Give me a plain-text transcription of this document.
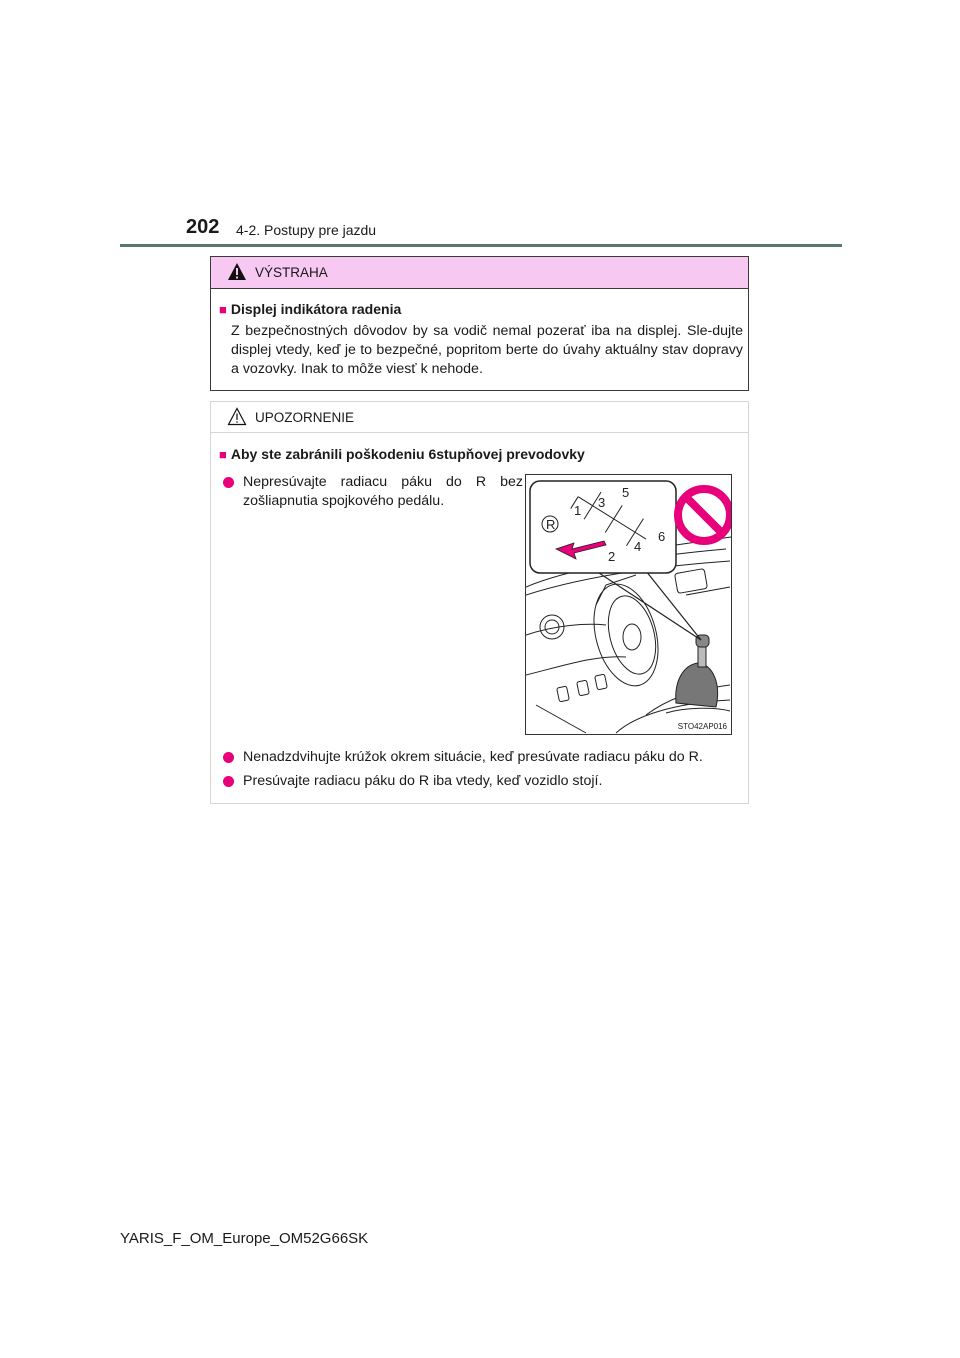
202 4-2. Postupy pre jazdu
VÝSTRAHA
■ Displej indikátora radenia
Z bezpečnostných dôvodov by sa vodič nemal pozerať iba na displej. Sle-dujte displej vtedy, keď je to bezpečné, popritom berte do úvahy aktuálny stav dopravy a vozovky. Inak to môže viesť k nehode.
UPOZORNENIE
■ Aby ste zabránili poškodeniu 6stupňovej prevodovky
Nepresúvajte radiacu páku do R bez zošliapnutia spojkového pedálu.
R
1
2
3
4
5
6
STO42AP016
Nenadzdvihujte krúžok okrem situácie, keď presúvate radiacu páku do R.
Presúvajte radiacu páku do R iba vtedy, keď vozidlo stojí.
YARIS_F_OM_Europe_OM52G66SK
